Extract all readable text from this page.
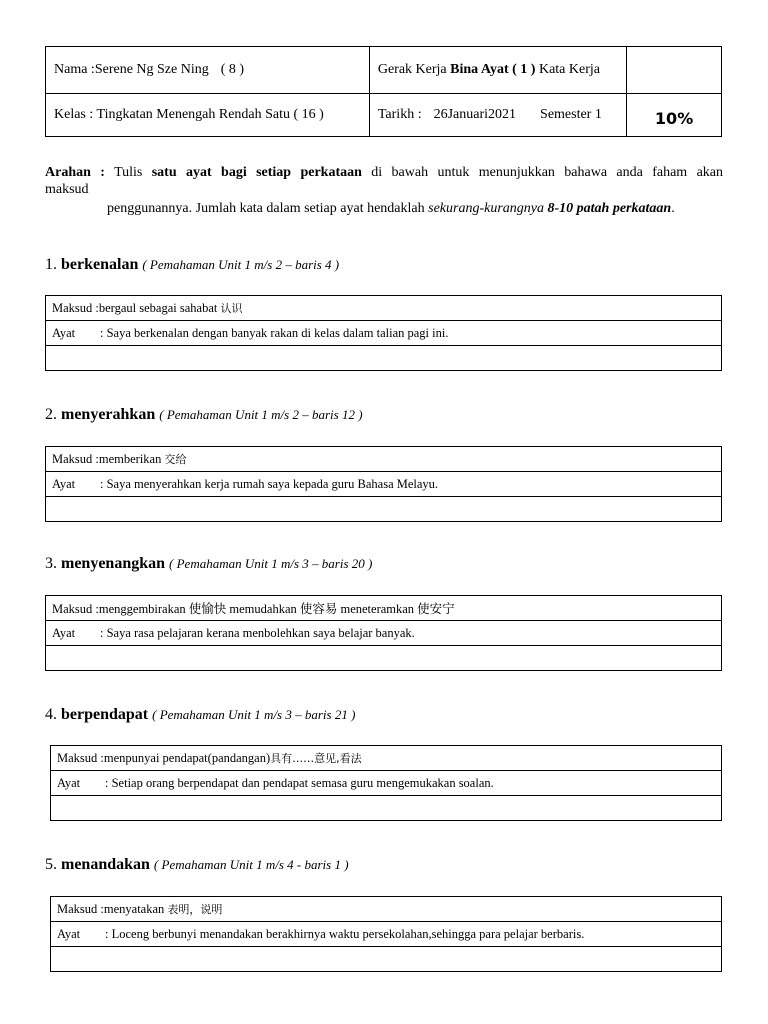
Nama :Serene Ng Sze Ning ( 8 )	Gerak Kerja Bina Ayat ( 1 ) Kata Kerja	
Kelas : Tingkatan Menengah Rendah Satu ( 16 )	Tarikh : 26Januari2021 Semester 1	10%
Arahan : Tulis satu ayat bagi setiap perkataan di bawah untuk menunjukkan bahawa anda faham akan
maksud
penggunannya. Jumlah kata dalam setiap ayat hendaklah sekurang-kurangnya 8-10 patah perkataan.
1. berkenalan ( Pemahaman Unit 1 m/s 2 – baris 4 )
Maksud :bergaul sebagai sahabat 认识
Ayat : Saya berkenalan dengan banyak rakan di kelas dalam talian pagi ini.

2. menyerahkan ( Pemahaman Unit 1 m/s 2 – baris 12 )
Maksud :memberikan 交给
Ayat : Saya menyerahkan kerja rumah saya kepada guru Bahasa Melayu.

3. menyenangkan ( Pemahaman Unit 1 m/s 3 – baris 20 )
Maksud :menggembirakan 使愉快 memudahkan 使容易 meneteramkan 使安宁
Ayat : Saya rasa pelajaran kerana menbolehkan saya belajar banyak.

4. berpendapat ( Pemahaman Unit 1 m/s 3 – baris 21 )
Maksud :menpunyai pendapat(pandangan)具有……意见,看法
Ayat : Setiap orang berpendapat dan pendapat semasa guru mengemukakan soalan.

5. menandakan ( Pemahaman Unit 1 m/s 4 - baris 1 )
Maksud :menyatakan 表明，说明
Ayat : Loceng berbunyi menandakan berakhirnya waktu persekolahan,sehingga para pelajar berbaris.
